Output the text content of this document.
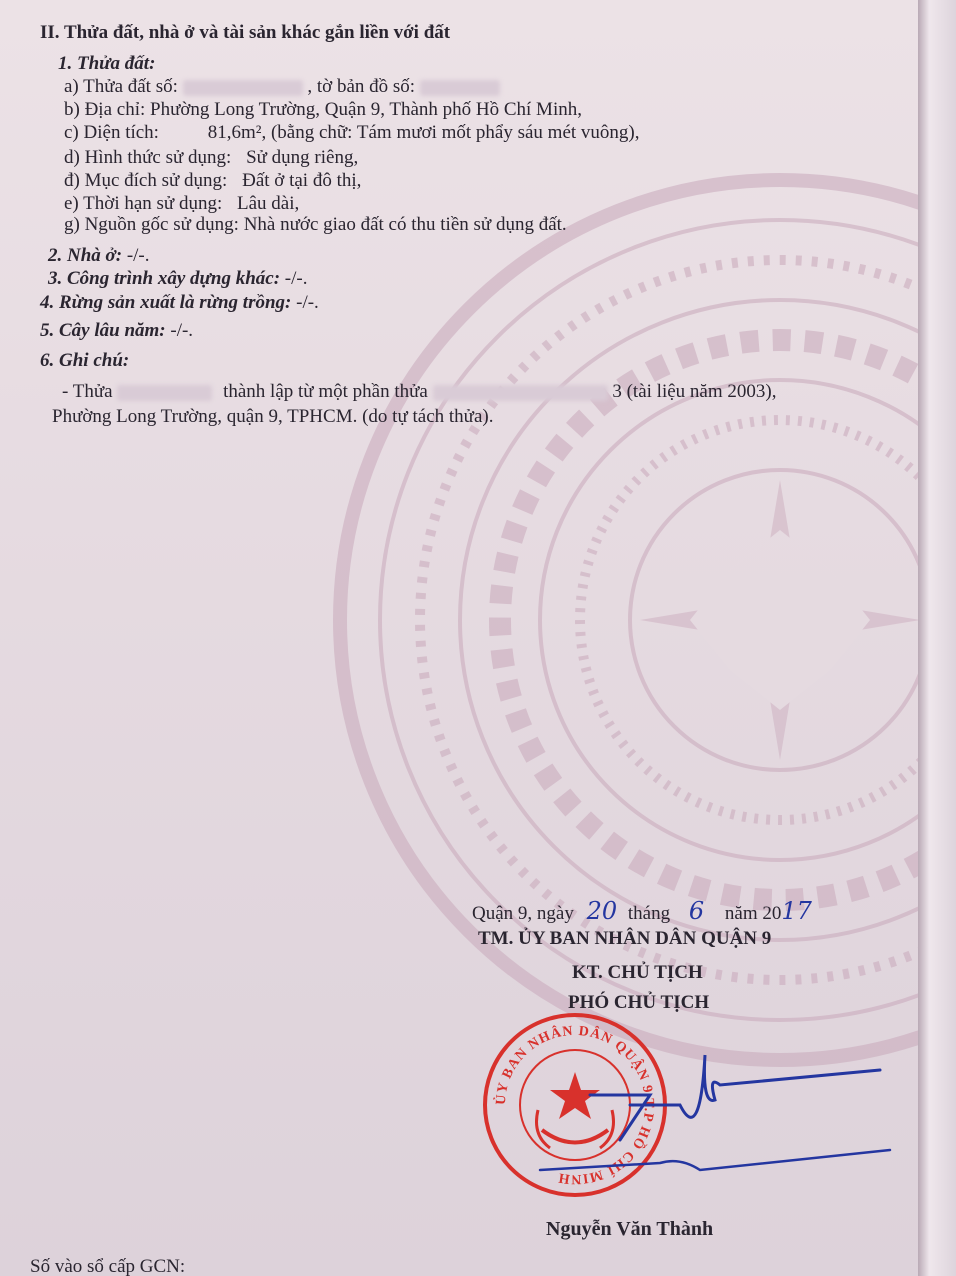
II. Thửa đất, nhà ở và tài sản khác gắn liền với đất
1. Thửa đất:
a) Thửa đất số:	, tờ bản đồ số:
b) Địa chỉ: Phường Long Trường, Quận 9, Thành phố Hồ Chí Minh,
c) Diện tích:	81,6m², (bằng chữ: Tám mươi mốt phẩy sáu mét vuông),
d) Hình thức sử dụng: Sử dụng riêng,
đ) Mục đích sử dụng: Đất ở tại đô thị,
e) Thời hạn sử dụng: Lâu dài,
g) Nguồn gốc sử dụng: Nhà nước giao đất có thu tiền sử dụng đất.
2. Nhà ở: -/-.
3. Công trình xây dựng khác: -/-.
4. Rừng sản xuất là rừng trồng: -/-.
5. Cây lâu năm: -/-.
6. Ghi chú:
- Thửa	thành lập từ một phần thửa	3 (tài liệu năm 2003),
Phường Long Trường, quận 9, TPHCM. (do tự tách thửa).
Quận 9, ngày 20 tháng 6 năm 2017
TM. ỦY BAN NHÂN DÂN QUẬN 9
KT. CHỦ TỊCH
PHÓ CHỦ TỊCH
ỦY BAN NHÂN DÂN QUẬN 9 T.P HỒ CHÍ MINH
Nguyễn Văn Thành
Số vào sổ cấp GCN:
